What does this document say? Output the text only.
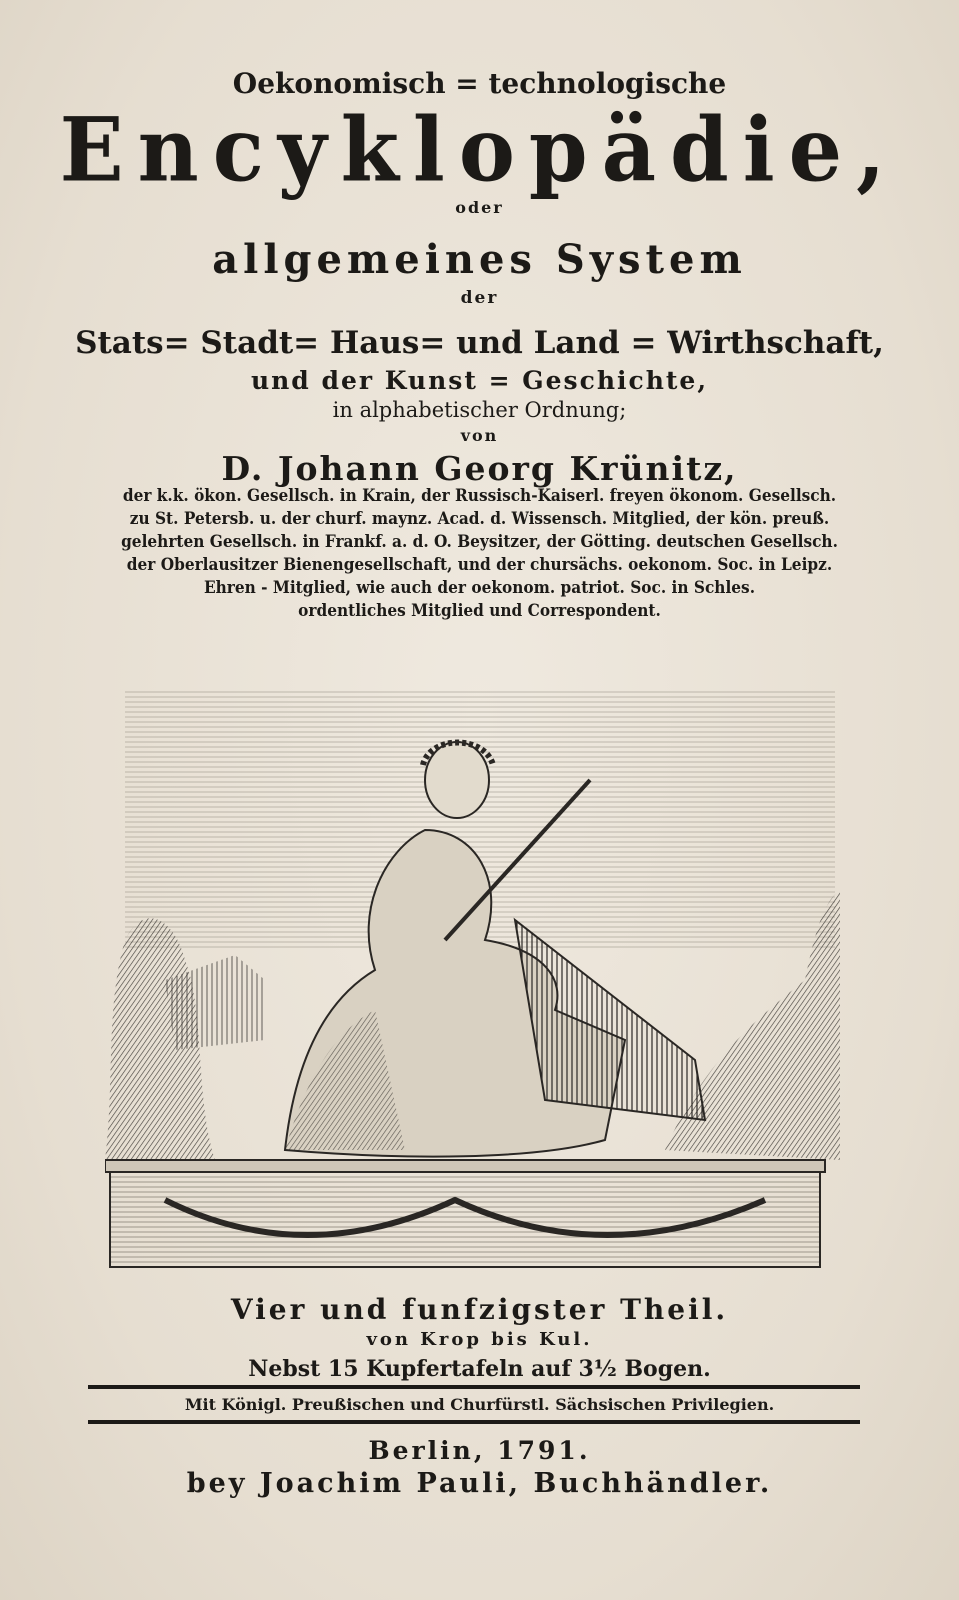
Oekonomisch = technologische
Encyklopädie,
oder
allgemeines System
der
Stats= Stadt= Haus= und Land = Wirthschaft,
und der Kunst = Geschichte,
in alphabetischer Ordnung;
von
D. Johann Georg Krünitz,
der k.k. ökon. Gesellsch. in Krain, der Russisch-Kaiserl. freyen ökonom. Gesellsch.
zu St. Petersb. u. der churf. maynz. Acad. d. Wissensch. Mitglied, der kön. preuß.
gelehrten Gesellsch. in Frankf. a. d. O. Beysitzer, der Götting. deutschen Gesellsch.
der Oberlausitzer Bienengesellschaft, und der chursächs. oekonom. Soc. in Leipz.
Ehren - Mitglied, wie auch der oekonom. patriot. Soc. in Schles.
ordentliches Mitglied und Correspondent.
Vier und funfzigster Theil.
von Krop bis Kul.
Nebst 15 Kupfertafeln auf 3½ Bogen.
Mit Königl. Preußischen und Churfürstl. Sächsischen Privilegien.
Berlin, 1791.
bey Joachim Pauli, Buchhändler.
